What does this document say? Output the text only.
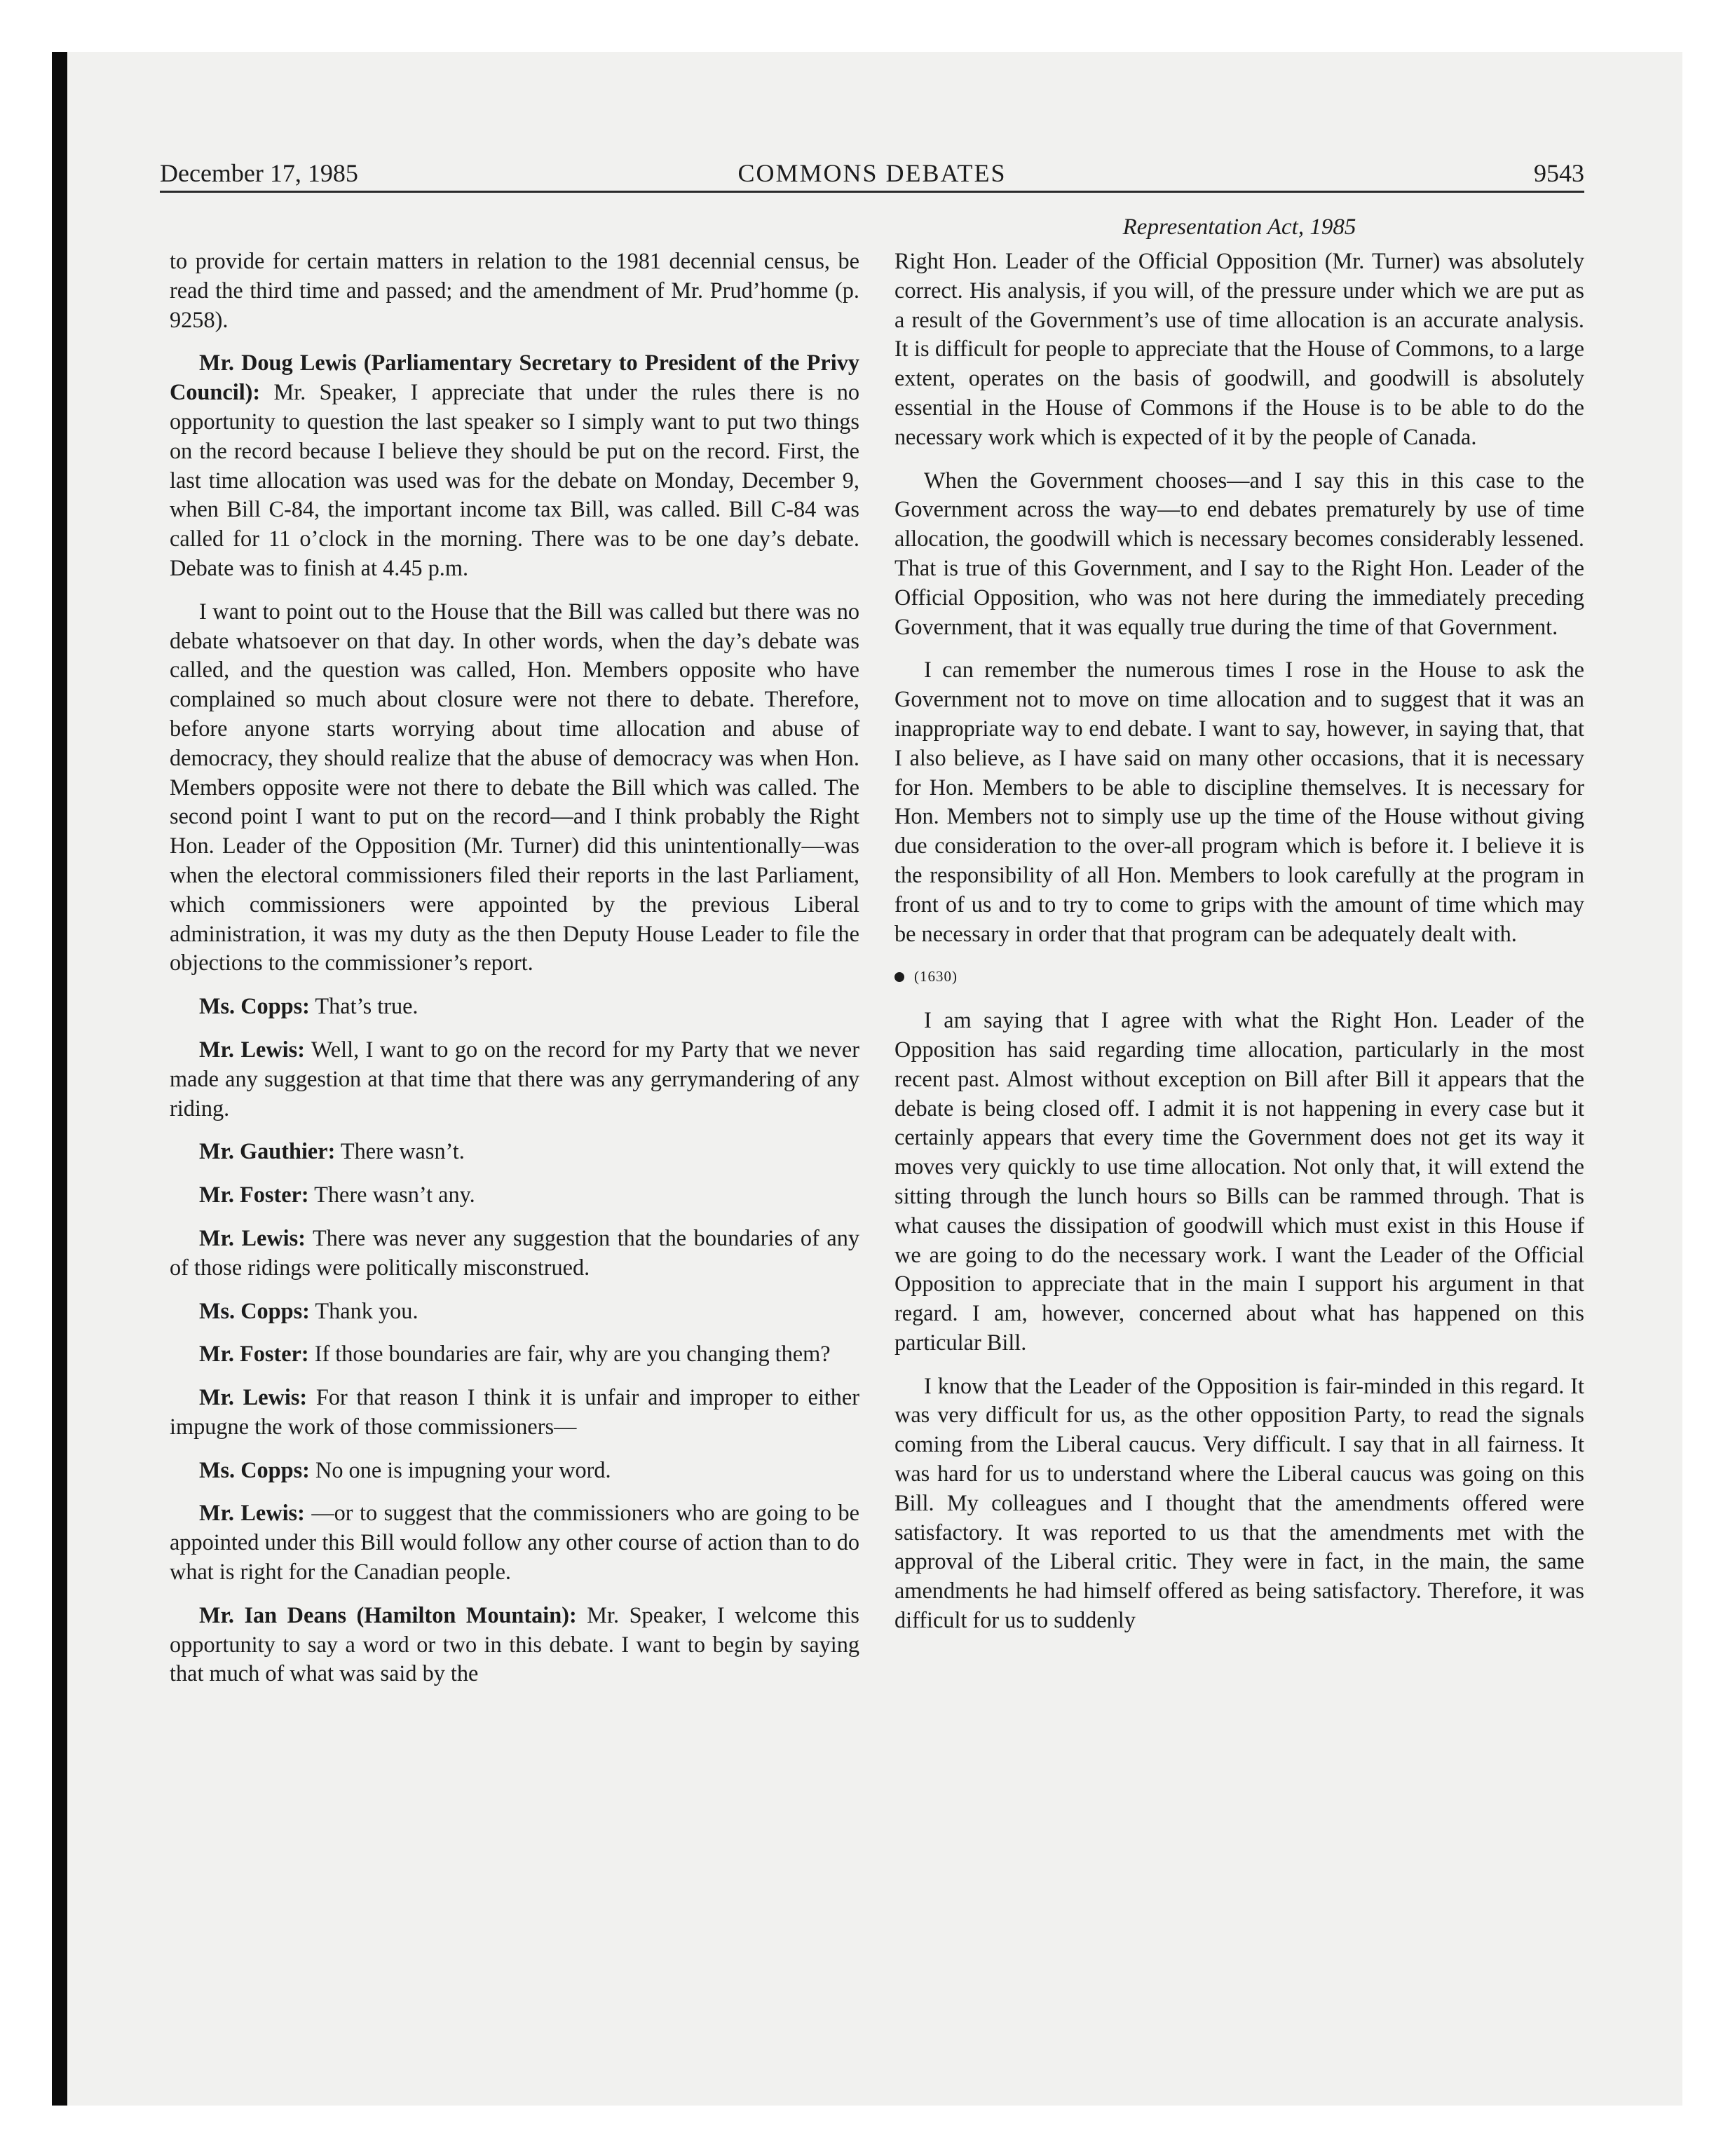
December 17, 1985	COMMONS DEBATES	9543
Representation Act, 1985

to provide for certain matters in relation to the 1981 decennial census, be read the third time and passed; and the amendment of Mr. Prud’homme (p. 9258).

Mr. Doug Lewis (Parliamentary Secretary to President of the Privy Council): Mr. Speaker, I appreciate that under the rules there is no opportunity to question the last speaker so I simply want to put two things on the record because I believe they should be put on the record. First, the last time allocation was used was for the debate on Monday, December 9, when Bill C-84, the important income tax Bill, was called. Bill C-84 was called for 11 o’clock in the morning. There was to be one day’s debate. Debate was to finish at 4.45 p.m.

I want to point out to the House that the Bill was called but there was no debate whatsoever on that day. In other words, when the day’s debate was called, and the question was called, Hon. Members opposite who have complained so much about closure were not there to debate. Therefore, before anyone starts worrying about time allocation and abuse of democracy, they should realize that the abuse of democracy was when Hon. Members opposite were not there to debate the Bill which was called. The second point I want to put on the record—and I think probably the Right Hon. Leader of the Opposition (Mr. Turner) did this unintentionally—was when the electoral commissioners filed their reports in the last Parliament, which commissioners were appointed by the previous Liberal administration, it was my duty as the then Deputy House Leader to file the objections to the commissioner’s report.

Ms. Copps: That’s true.

Mr. Lewis: Well, I want to go on the record for my Party that we never made any suggestion at that time that there was any gerrymandering of any riding.

Mr. Gauthier: There wasn’t.

Mr. Foster: There wasn’t any.

Mr. Lewis: There was never any suggestion that the boundaries of any of those ridings were politically misconstrued.

Ms. Copps: Thank you.

Mr. Foster: If those boundaries are fair, why are you changing them?

Mr. Lewis: For that reason I think it is unfair and improper to either impugne the work of those commissioners—

Ms. Copps: No one is impugning your word.

Mr. Lewis: —or to suggest that the commissioners who are going to be appointed under this Bill would follow any other course of action than to do what is right for the Canadian people.

Mr. Ian Deans (Hamilton Mountain): Mr. Speaker, I welcome this opportunity to say a word or two in this debate. I want to begin by saying that much of what was said by the

Right Hon. Leader of the Official Opposition (Mr. Turner) was absolutely correct. His analysis, if you will, of the pressure under which we are put as a result of the Government’s use of time allocation is an accurate analysis. It is difficult for people to appreciate that the House of Commons, to a large extent, operates on the basis of goodwill, and goodwill is absolutely essential in the House of Commons if the House is to be able to do the necessary work which is expected of it by the people of Canada.

When the Government chooses—and I say this in this case to the Government across the way—to end debates prematurely by use of time allocation, the goodwill which is necessary becomes considerably lessened. That is true of this Government, and I say to the Right Hon. Leader of the Official Opposition, who was not here during the immediately preceding Government, that it was equally true during the time of that Government.

I can remember the numerous times I rose in the House to ask the Government not to move on time allocation and to suggest that it was an inappropriate way to end debate. I want to say, however, in saying that, that I also believe, as I have said on many other occasions, that it is necessary for Hon. Members to be able to discipline themselves. It is necessary for Hon. Members not to simply use up the time of the House without giving due consideration to the over-all program which is before it. I believe it is the responsibility of all Hon. Members to look carefully at the program in front of us and to try to come to grips with the amount of time which may be necessary in order that that program can be adequately dealt with.

(1630)

I am saying that I agree with what the Right Hon. Leader of the Opposition has said regarding time allocation, particularly in the most recent past. Almost without exception on Bill after Bill it appears that the debate is being closed off. I admit it is not happening in every case but it certainly appears that every time the Government does not get its way it moves very quickly to use time allocation. Not only that, it will extend the sitting through the lunch hours so Bills can be rammed through. That is what causes the dissipation of goodwill which must exist in this House if we are going to do the necessary work. I want the Leader of the Official Opposition to appreciate that in the main I support his argument in that regard. I am, however, concerned about what has happened on this particular Bill.

I know that the Leader of the Opposition is fair-minded in this regard. It was very difficult for us, as the other opposition Party, to read the signals coming from the Liberal caucus. Very difficult. I say that in all fairness. It was hard for us to understand where the Liberal caucus was going on this Bill. My colleagues and I thought that the amendments offered were satisfactory. It was reported to us that the amendments met with the approval of the Liberal critic. They were in fact, in the main, the same amendments he had himself offered as being satisfactory. Therefore, it was difficult for us to suddenly
